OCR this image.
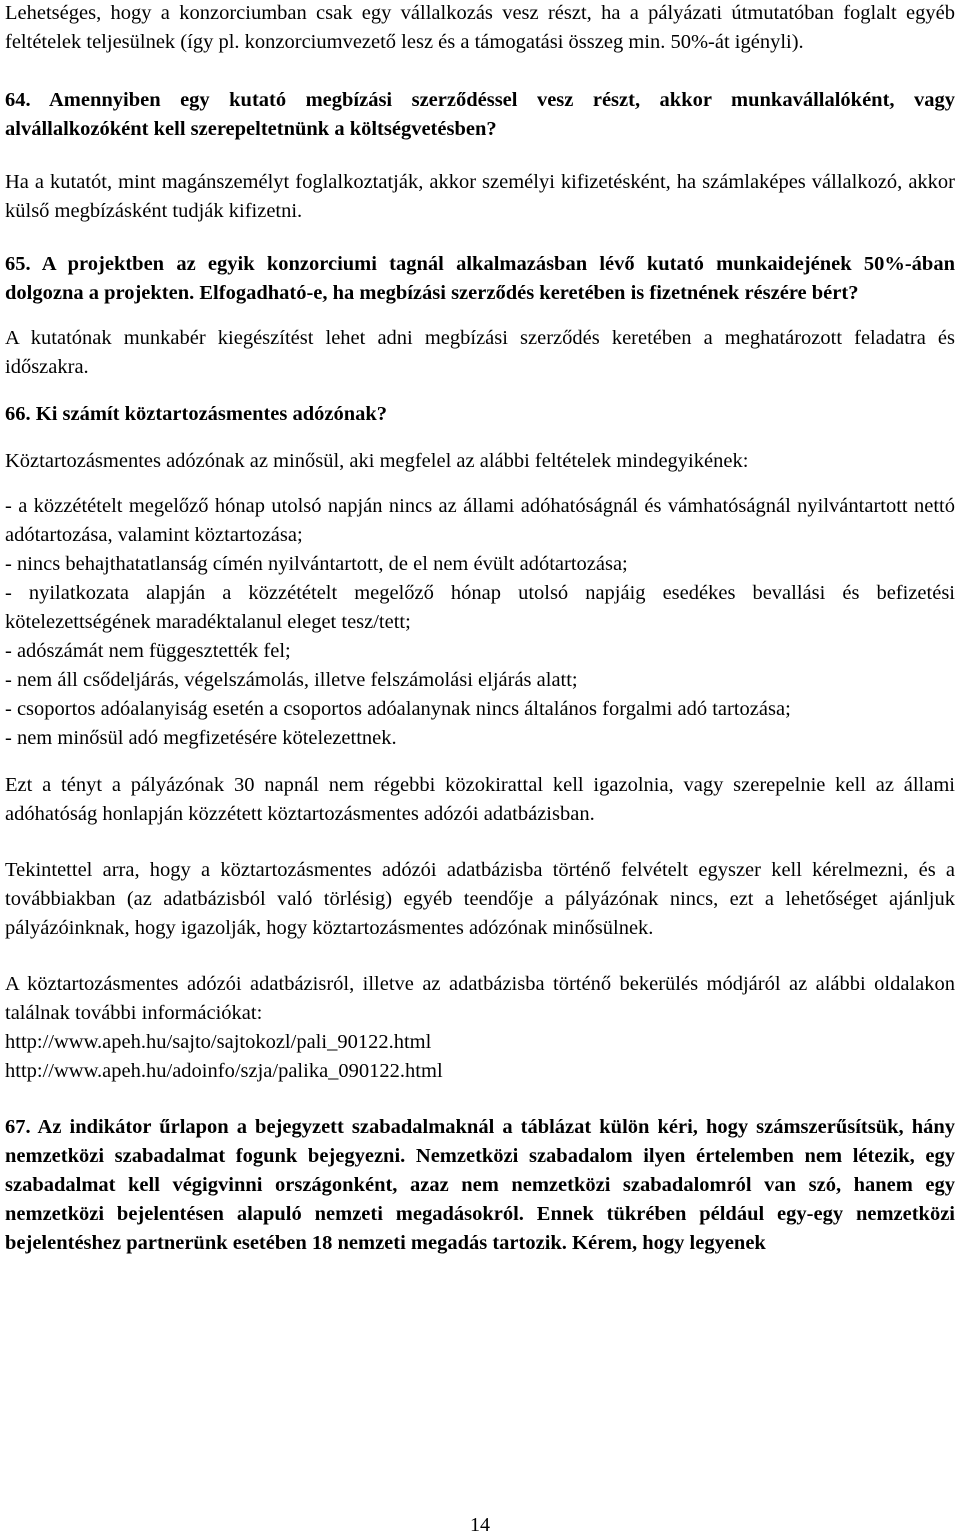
Lehetséges, hogy a konzorciumban csak egy vállalkozás vesz részt, ha a pályázati útmutatóban foglalt egyéb feltételek teljesülnek (így pl. konzorciumvezető lesz és a támogatási összeg min. 50%-át igényli).

64. Amennyiben egy kutató megbízási szerződéssel vesz részt, akkor munkavállalóként, vagy alvállalkozóként kell szerepeltetnünk a költségvetésben?

Ha a kutatót, mint magánszemélyt foglalkoztatják, akkor személyi kifizetésként, ha számlaképes vállalkozó, akkor külső megbízásként tudják kifizetni.

65. A projektben az egyik konzorciumi tagnál alkalmazásban lévő kutató munkaidejének 50%-ában dolgozna a projekten. Elfogadható-e, ha megbízási szerződés keretében is fizetnének részére bért?

A kutatónak munkabér kiegészítést lehet adni megbízási szerződés keretében a meghatározott feladatra és időszakra.

66. Ki számít köztartozásmentes adózónak?

Köztartozásmentes adózónak az minősül, aki megfelel az alábbi feltételek mindegyikének:

- a közzétételt megelőző hónap utolsó napján nincs az állami adóhatóságnál és vámhatóságnál nyilvántartott nettó adótartozása, valamint köztartozása;

- nincs behajthatatlanság címén nyilvántartott, de el nem évült adótartozása;

- nyilatkozata alapján a közzétételt megelőző hónap utolsó napjáig esedékes bevallási és befizetési kötelezettségének maradéktalanul eleget tesz/tett;

- adószámát nem függesztették fel;

- nem áll csődeljárás, végelszámolás, illetve felszámolási eljárás alatt;

- csoportos adóalanyiság esetén a csoportos adóalanynak nincs általános forgalmi adó tartozása;

- nem minősül adó megfizetésére kötelezettnek.

Ezt a tényt a pályázónak 30 napnál nem régebbi közokirattal kell igazolnia, vagy szerepelnie kell az állami adóhatóság honlapján közzétett köztartozásmentes adózói adatbázisban.

Tekintettel arra, hogy a köztartozásmentes adózói adatbázisba történő felvételt egyszer kell kérelmezni, és a továbbiakban (az adatbázisból való törlésig) egyéb teendője a pályázónak nincs, ezt a lehetőséget ajánljuk pályázóinknak, hogy igazolják, hogy köztartozásmentes adózónak minősülnek.

A köztartozásmentes adózói adatbázisról, illetve az adatbázisba történő bekerülés módjáról az alábbi oldalakon találnak további információkat:

http://www.apeh.hu/sajto/sajtokozl/pali_90122.html

http://www.apeh.hu/adoinfo/szja/palika_090122.html

67. Az indikátor űrlapon a bejegyzett szabadalmaknál a táblázat külön kéri, hogy számszerűsítsük, hány nemzetközi szabadalmat fogunk bejegyezni. Nemzetközi szabadalom ilyen értelemben nem létezik, egy szabadalmat kell végigvinni országonként, azaz nem nemzetközi szabadalomról van szó, hanem egy nemzetközi bejelentésen alapuló nemzeti megadásokról. Ennek tükrében például egy-egy nemzetközi bejelentéshez partnerünk esetében 18 nemzeti megadás tartozik. Kérem, hogy legyenek

14
